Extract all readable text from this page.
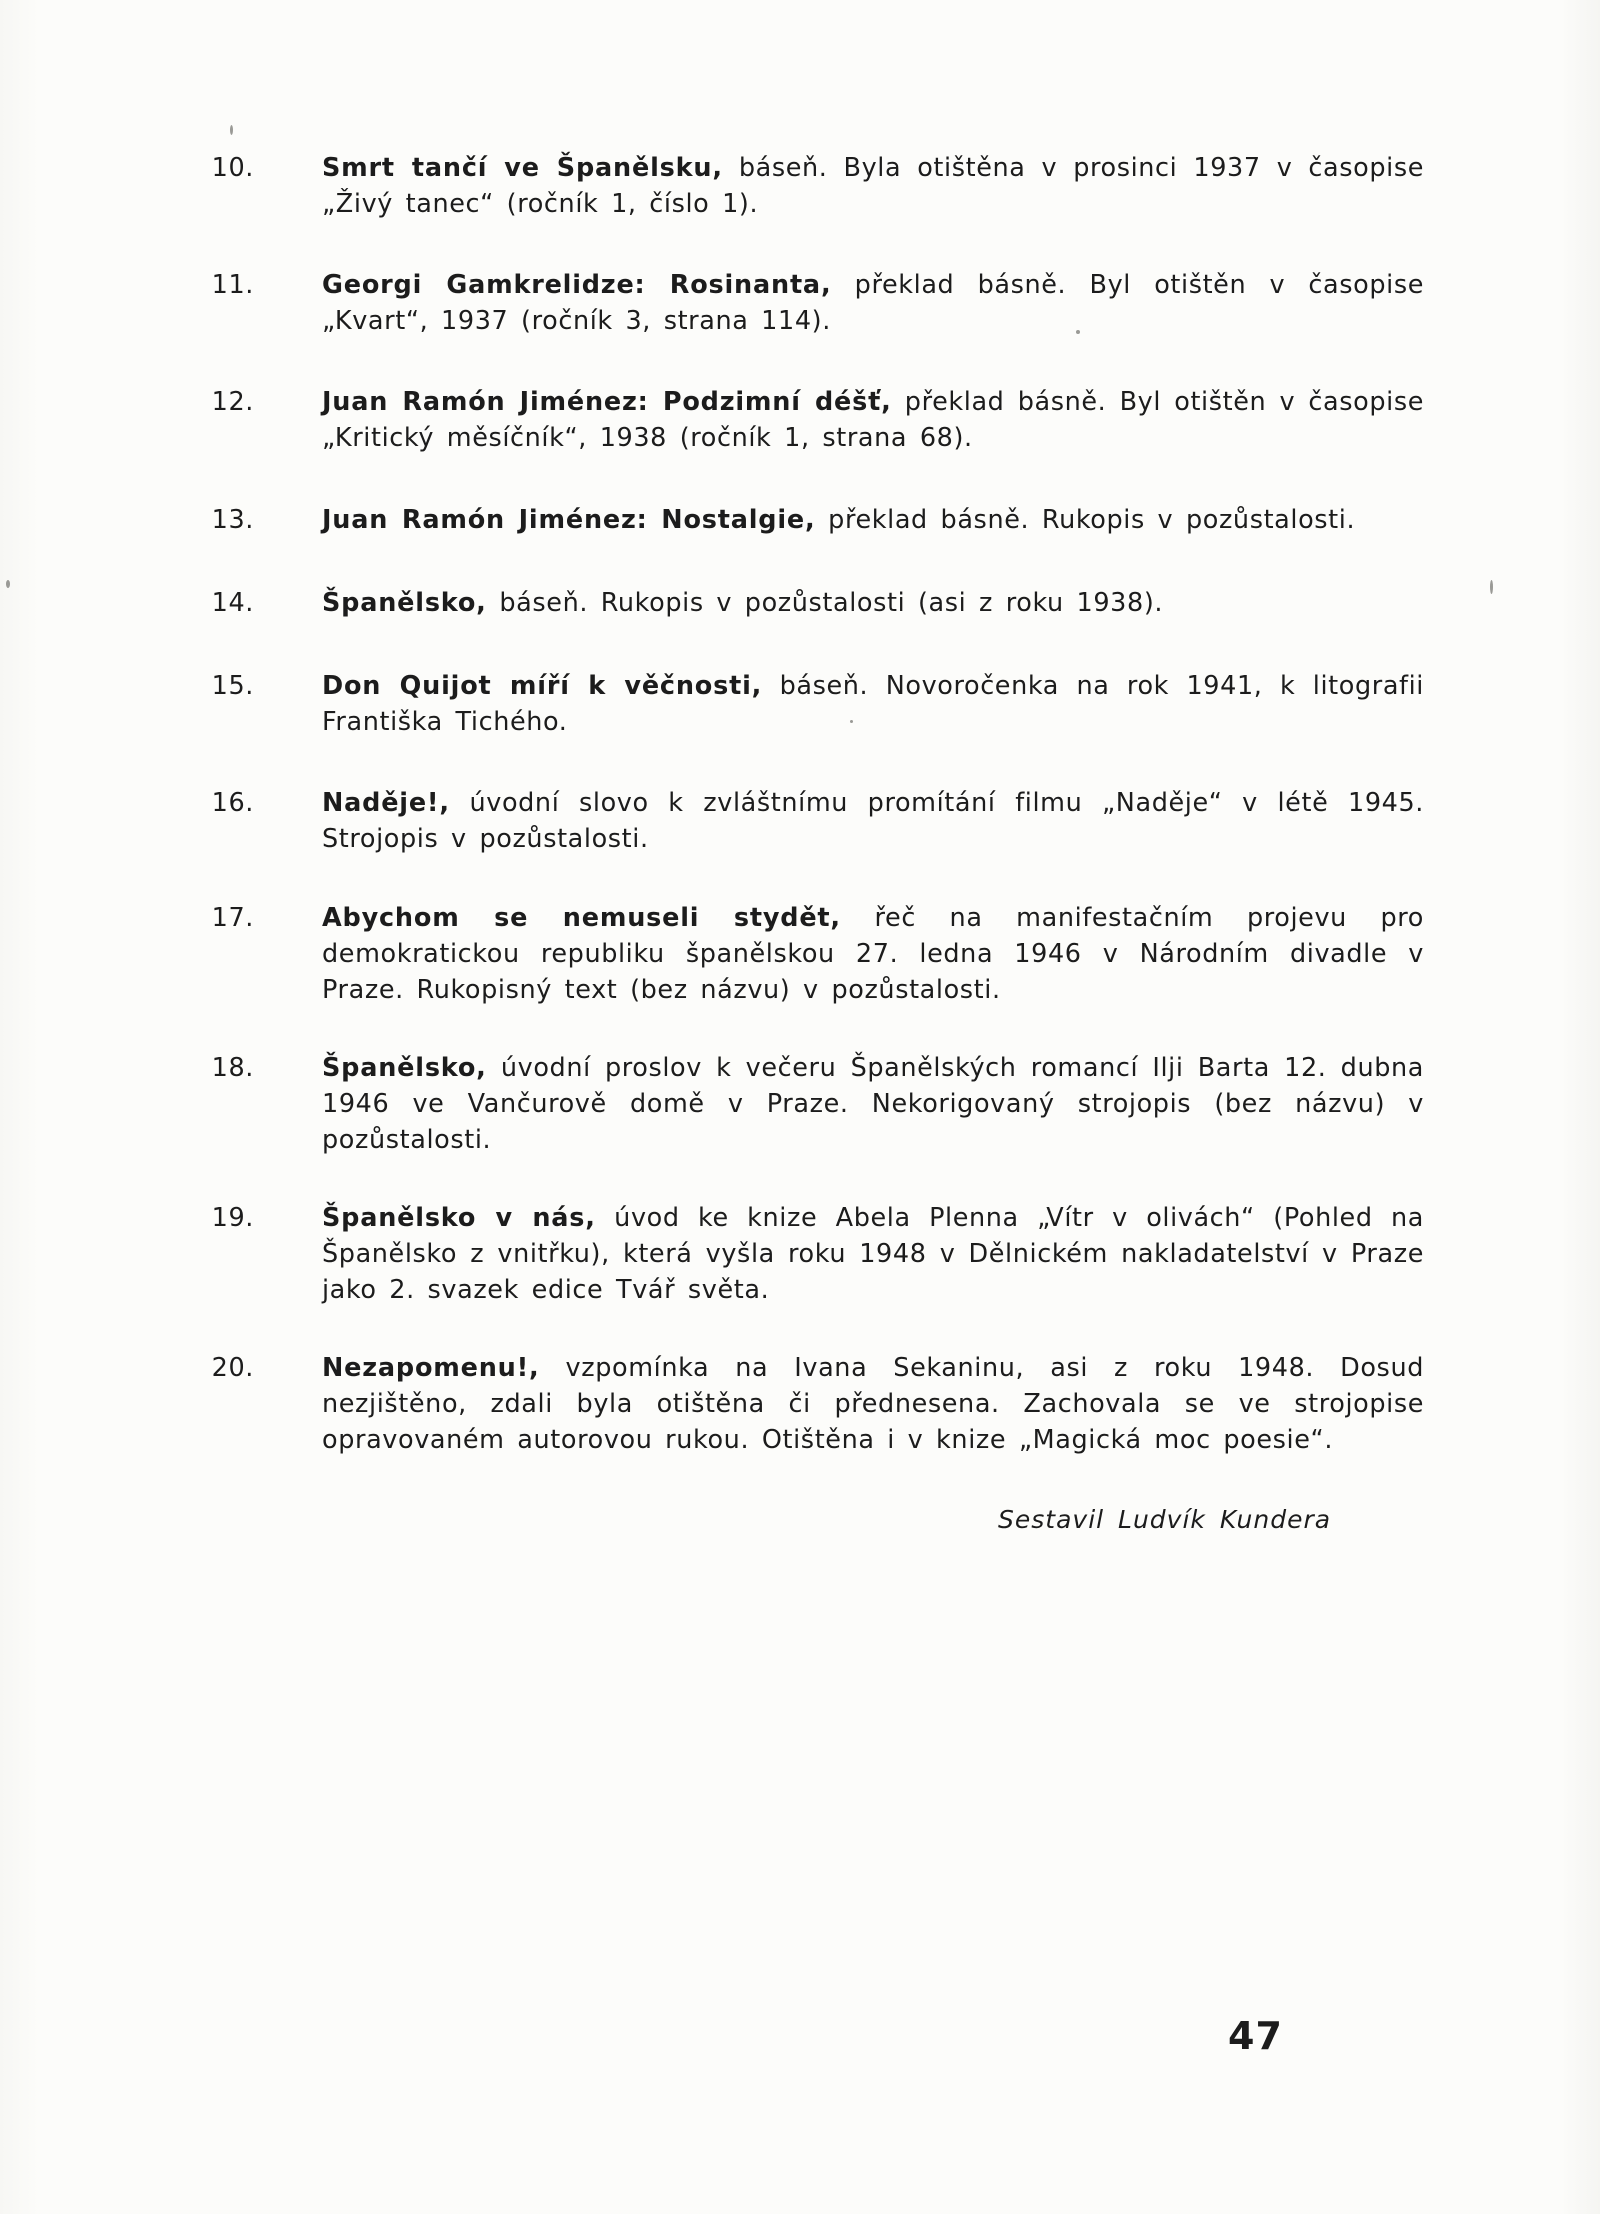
10.	Smrt tančí ve Španělsku, báseň. Byla otištěna v prosinci 1937 v časopise „Živý tanec“ (ročník 1, číslo 1).
11.	Georgi Gamkrelidze: Rosinanta, překlad básně. Byl otištěn v časopise „Kvart“, 1937 (ročník 3, strana 114).
12.	Juan Ramón Jiménez: Podzimní déšť, překlad básně. Byl otištěn v časopise „Kritický měsíčník“, 1938 (ročník 1, strana 68).
13.	Juan Ramón Jiménez: Nostalgie, překlad básně. Rukopis v pozůstalosti.
14.	Španělsko, báseň. Rukopis v pozůstalosti (asi z roku 1938).
15.	Don Quijot míří k věčnosti, báseň. Novoročenka na rok 1941, k litografii Františka Tichého.
16.	Naděje!, úvodní slovo k zvláštnímu promítání filmu „Naděje“ v létě 1945. Strojopis v pozůstalosti.
17.	Abychom se nemuseli stydět, řeč na manifestačním projevu pro demokratickou republiku španělskou 27. ledna 1946 v Národním divadle v Praze. Rukopisný text (bez názvu) v pozůstalosti.
18.	Španělsko, úvodní proslov k večeru Španělských romancí Ilji Barta 12. dubna 1946 ve Vančurově domě v Praze. Nekorigovaný strojopis (bez názvu) v pozůstalosti.
19.	Španělsko v nás, úvod ke knize Abela Plenna „Vítr v olivách“ (Pohled na Španělsko z vnitřku), která vyšla roku 1948 v Dělnickém nakladatelství v Praze jako 2. svazek edice Tvář světa.
20.	Nezapomenu!, vzpomínka na Ivana Sekaninu, asi z roku 1948. Dosud nezjištěno, zdali byla otištěna či přednesena. Zachovala se ve strojopise opravovaném autorovou rukou. Otištěna i v knize „Magická moc poesie“.
Sestavil Ludvík Kundera
47
